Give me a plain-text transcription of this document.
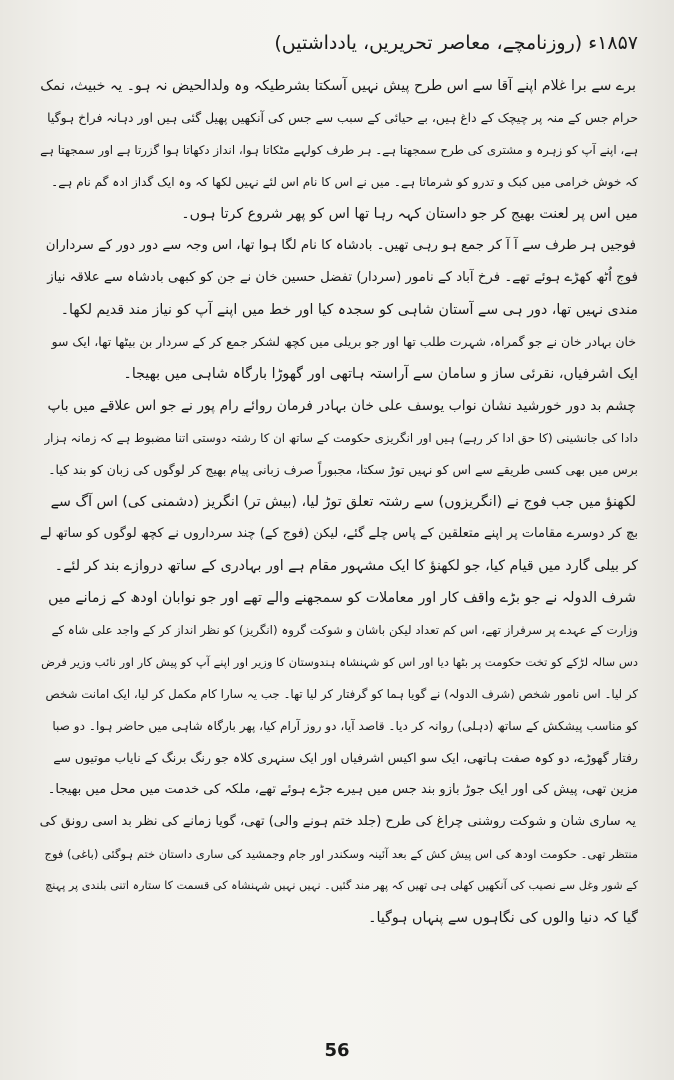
۱۸۵۷ء (روزنامچے، معاصر تحریریں، یادداشتیں)
برے سے برا غلام اپنے آقا سے اس طرح پیش نہیں آسکتا بشرطیکہ وہ ولدالحیض نہ ہو۔ یہ خبیث، نمک
حرام جس کے منہ پر چیچک کے داغ ہیں، بے حیائی کے سبب سے جس کی آنکھیں پھیل گئی ہیں اور دہانہ فراخ ہوگیا
ہے، اپنے آپ کو زہرہ و مشتری کی طرح سمجھتا ہے۔ ہر طرف کولہے مٹکاتا ہوا، انداز دکھاتا ہوا گزرتا ہے اور سمجھتا ہے
کہ خوش خرامی میں کبک و تدرو کو شرماتا ہے۔ میں نے اس کا نام اس لئے نہیں لکھا کہ وہ ایک گداز ادہ گم نام ہے۔
میں اس پر لعنت بھیج کر جو داستان کہہ رہا تھا اس کو پھر شروع کرتا ہوں۔
فوجیں ہر طرف سے آ آ کر جمع ہو رہی تھیں۔ بادشاہ کا نام لگا ہوا تھا، اس وجہ سے دور دور کے سرداران
فوج اُٹھ کھڑے ہوئے تھے۔ فرخ آباد کے نامور (سردار) تفضل حسین خان نے جن کو کبھی بادشاہ سے علاقہ نیاز
مندی نہیں تھا، دور ہی سے آستان شاہی کو سجدہ کیا اور خط میں اپنے آپ کو نیاز مند قدیم لکھا۔
خان بہادر خان نے جو گمراہ، شہرت طلب تھا اور جو بریلی میں کچھ لشکر جمع کر کے سردار بن بیٹھا تھا، ایک سو
ایک اشرفیاں، نقرئی ساز و سامان سے آراستہ ہاتھی اور گھوڑا بارگاہ شاہی میں بھیجا۔
چشم بد دور خورشید نشان نواب یوسف علی خان بہادر فرمان روائے رام پور نے جو اس علاقے میں باپ
دادا کی جانشینی (کا حق ادا کر رہے) ہیں اور انگریزی حکومت کے ساتھ ان کا رشتہ دوستی اتنا مضبوط ہے کہ زمانہ ہزار
برس میں بھی کسی طریقے سے اس کو نہیں توڑ سکتا، مجبوراً صرف زبانی پیام بھیج کر لوگوں کی زبان کو بند کیا۔
لکھنؤ میں جب فوج نے (انگریزوں) سے رشتہ تعلق توڑ لیا، (بیش تر) انگریز (دشمنی کی) اس آگ سے
بچ کر دوسرے مقامات پر اپنے متعلقین کے پاس چلے گئے، لیکن (فوج کے) چند سرداروں نے کچھ لوگوں کو ساتھ لے
کر بیلی گارد میں قیام کیا، جو لکھنؤ کا ایک مشہور مقام ہے اور بہادری کے ساتھ دروازے بند کر لئے۔
شرف الدولہ نے جو بڑے واقف کار اور معاملات کو سمجھنے والے تھے اور جو نوابان اودھ کے زمانے میں
وزارت کے عہدے پر سرفراز تھے، اس کم تعداد لیکن باشان و شوکت گروہ (انگریز) کو نظر انداز کر کے واجد علی شاہ کے
دس سالہ لڑکے کو تخت حکومت پر بٹھا دیا اور اس کو شہنشاہ ہندوستان کا وزیر اور اپنے آپ کو پیش کار اور نائب وزیر فرض
کر لیا۔ اس نامور شخص (شرف الدولہ) نے گویا ہما کو گرفتار کر لیا تھا۔ جب یہ سارا کام مکمل کر لیا، ایک امانت شخص
کو مناسب پیشکش کے ساتھ (دہلی) روانہ کر دیا۔ قاصد آیا، دو روز آرام کیا، پھر بارگاہ شاہی میں حاضر ہوا۔ دو صبا
رفتار گھوڑے، دو کوہ صفت ہاتھی، ایک سو اکیس اشرفیاں اور ایک سنہری کلاہ جو رنگ برنگ کے نایاب موتیوں سے
مزین تھی، پیش کی اور ایک جوڑ بازو بند جس میں ہیرے جڑے ہوئے تھے، ملکہ کی خدمت میں محل میں بھیجا۔
یہ ساری شان و شوکت روشنی چراغ کی طرح (جلد ختم ہونے والی) تھی، گویا زمانے کی نظر بد اسی رونق کی
منتظر تھی۔ حکومت اودھ کی اس پیش کش کے بعد آئینہ وسکندر اور جام وجمشید کی ساری داستان ختم ہوگئی (باغی) فوج
کے شور وغل سے نصیب کی آنکھیں کھلی ہی تھیں کہ پھر مند گئیں۔ نہیں نہیں شہنشاہ کی قسمت کا ستارہ اتنی بلندی پر پہنچ
گیا کہ دنیا والوں کی نگاہوں سے پنہاں ہوگیا۔
56
